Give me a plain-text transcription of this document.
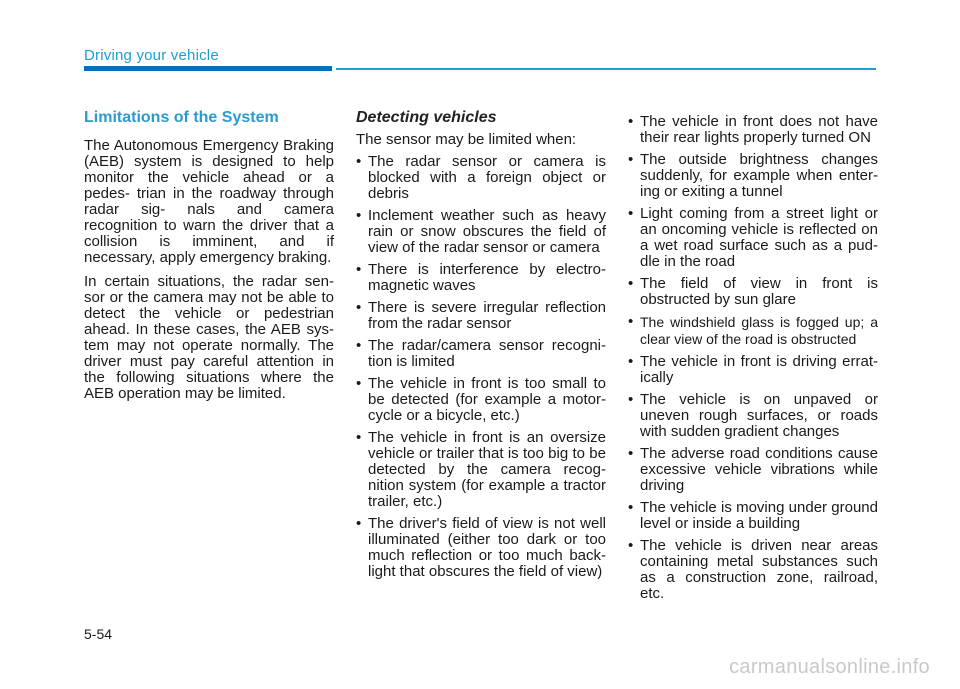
Driving your vehicle
Limitations of the System

The Autonomous Emergency Braking (AEB) system is designed to help monitor the vehicle ahead or a pedes- trian in the roadway through radar sig- nals and camera recognition to warn the driver that a collision is imminent, and if necessary, apply emergency braking.

In certain situations, the radar sen- sor or the camera may not be able to detect the vehicle or pedestrian ahead. In these cases, the AEB sys- tem may not operate normally. The driver must pay careful attention in the following situations where the AEB operation may be limited.

Detecting vehicles

The sensor may be limited when:

• The radar sensor or camera is blocked with a foreign object or debris
• Inclement weather such as heavy rain or snow obscures the field of view of the radar sensor or camera
• There is interference by electro- magnetic waves
• There is severe irregular reflection from the radar sensor
• The radar/camera sensor recogni- tion is limited
• The vehicle in front is too small to be detected (for example a motor- cycle or a bicycle, etc.)
• The vehicle in front is an oversize vehicle or trailer that is too big to be detected by the camera recog- nition system (for example a tractor trailer, etc.)
• The driver's field of view is not well illuminated (either too dark or too much reflection or too much back- light that obscures the field of view)
• The vehicle in front does not have their rear lights properly turned ON
• The outside brightness changes suddenly, for example when enter- ing or exiting a tunnel
• Light coming from a street light or an oncoming vehicle is reflected on a wet road surface such as a pud- dle in the road
• The field of view in front is obstructed by sun glare
• The windshield glass is fogged up; a clear view of the road is obstructed
• The vehicle in front is driving errat- ically
• The vehicle is on unpaved or uneven rough surfaces, or roads with sudden gradient changes
• The adverse road conditions cause excessive vehicle vibrations while driving
• The vehicle is moving under ground level or inside a building
• The vehicle is driven near areas containing metal substances such as a construction zone, railroad, etc.
5-54
carmanualsonline.info
